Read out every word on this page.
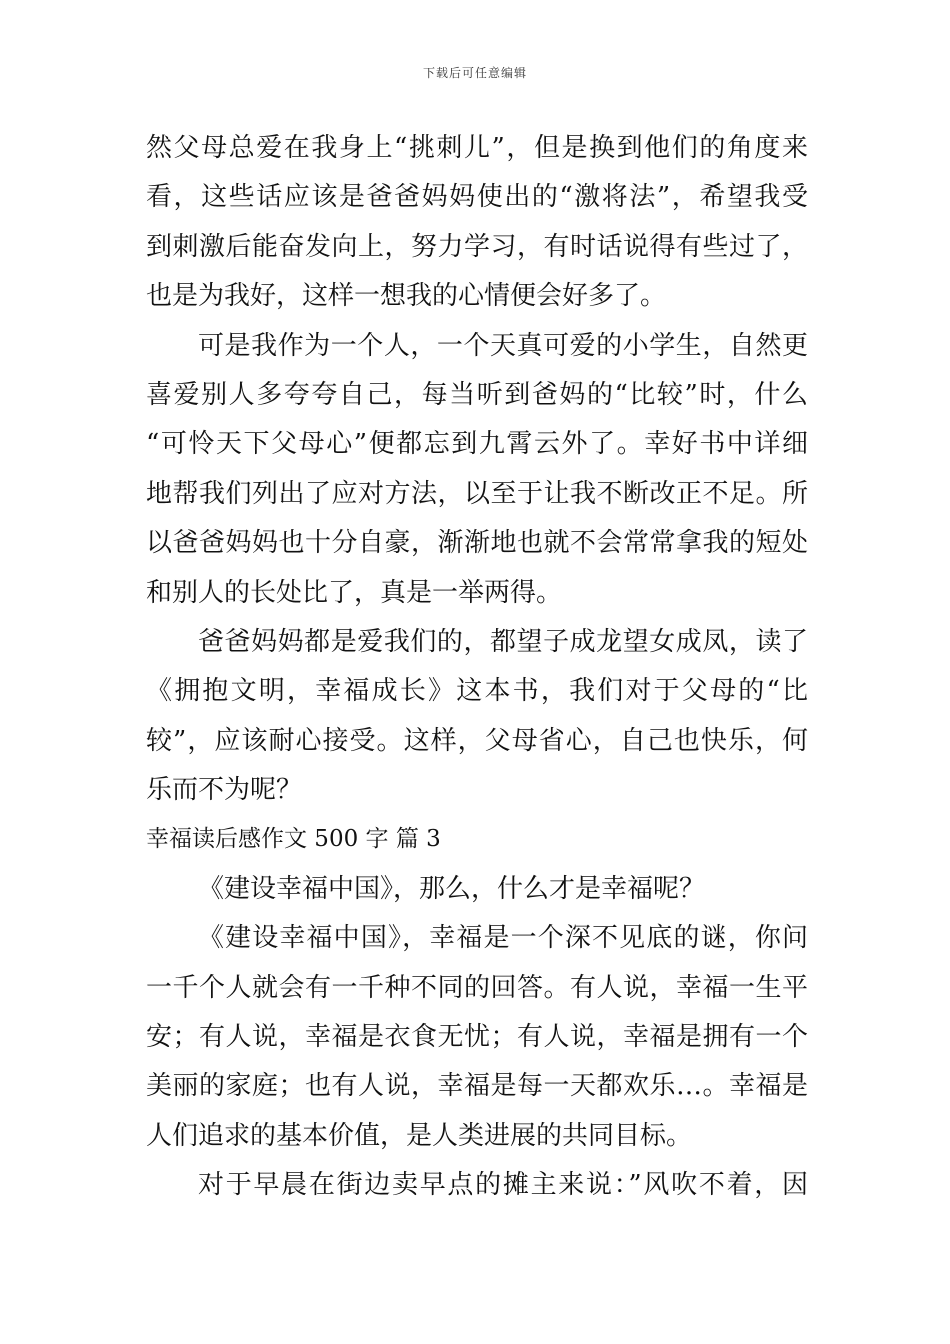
下载后可任意编辑
然父母总爱在我身上“挑刺儿”，但是换到他们的角度来
看，这些话应该是爸爸妈妈使出的“激将法”，希望我受
到刺激后能奋发向上，努力学习，有时话说得有些过了，
也是为我好，这样一想我的心情便会好多了。
可是我作为一个人，一个天真可爱的小学生，自然更
喜爱别人多夸夸自己，每当听到爸妈的“比较”时，什么
“可怜天下父母心”便都忘到九霄云外了。幸好书中详细
地帮我们列出了应对方法，以至于让我不断改正不足。所
以爸爸妈妈也十分自豪，渐渐地也就不会常常拿我的短处
和别人的长处比了，真是一举两得。
爸爸妈妈都是爱我们的，都望子成龙望女成凤，读了
《拥抱文明，幸福成长》这本书，我们对于父母的“比
较”，应该耐心接受。这样，父母省心，自己也快乐，何
乐而不为呢？
幸福读后感作文 500 字 篇 3
《建设幸福中国》，那么，什么才是幸福呢？
《建设幸福中国》，幸福是一个深不见底的谜，你问
一千个人就会有一千种不同的回答。有人说，幸福一生平
安；有人说，幸福是衣食无忧；有人说，幸福是拥有一个
美丽的家庭；也有人说，幸福是每一天都欢乐…。幸福是
人们追求的基本价值，是人类进展的共同目标。
对于早晨在街边卖早点的摊主来说：”风吹不着，因
